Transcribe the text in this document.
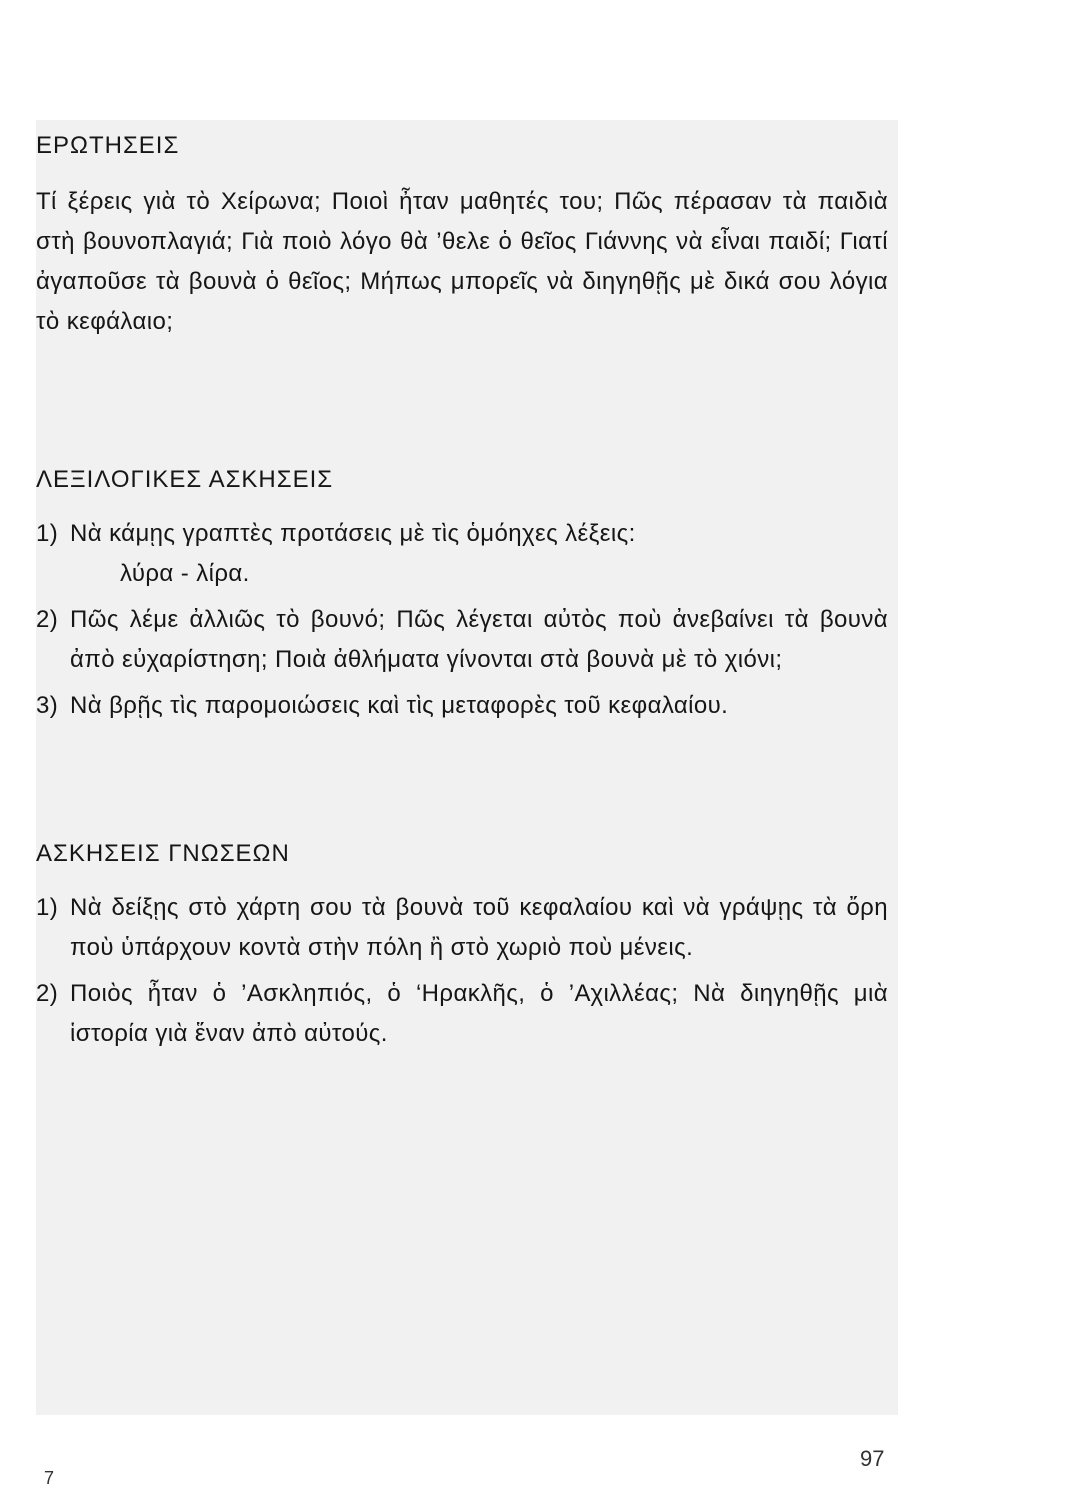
ΕΡΩΤΗΣΕΙΣ

Τί ξέρεις γιὰ τὸ Χείρωνα; Ποιοὶ ἦταν μαθητές του; Πῶς πέρασαν τὰ παιδιὰ στὴ βουνοπλαγιά; Γιὰ ποιὸ λόγο θὰ ’θελε ὁ θεῖος Γιάννης νὰ εἶναι παιδί; Γιατί ἀγαποῦσε τὰ βουνὰ ὁ θεῖος; Μήπως μπορεῖς νὰ διηγηθῇς μὲ δικά σου λόγια τὸ κεφάλαιο;

ΛΕΞΙΛΟΓΙΚΕΣ ΑΣΚΗΣΕΙΣ
1) Νὰ κάμῃς γραπτὲς προτάσεις μὲ τὶς ὁμόηχες λέξεις:
λύρα - λίρα.
2) Πῶς λέμε ἀλλιῶς τὸ βουνό; Πῶς λέγεται αὐτὸς ποὺ ἀνεβαίνει τὰ βουνὰ ἀπὸ εὐχαρίστηση; Ποιὰ ἀθλήματα γίνονται στὰ βουνὰ μὲ τὸ χιόνι;
3) Νὰ βρῇς τὶς παρομοιώσεις καὶ τὶς μεταφορὲς τοῦ κεφαλαίου.
ΑΣΚΗΣΕΙΣ ΓΝΩΣΕΩΝ
1) Νὰ δείξῃς στὸ χάρτη σου τὰ βουνὰ τοῦ κεφαλαίου καὶ νὰ γράψῃς τὰ ὄρη ποὺ ὑπάρχουν κοντὰ στὴν πόλη ἢ στὸ χωριὸ ποὺ μένεις.
2) Ποιὸς ἦταν ὁ ’Ασκληπιός, ὁ ‘Ηρακλῆς, ὁ ’Αχιλλέας; Νὰ διηγηθῇς μιὰ ἱστορία γιὰ ἕναν ἀπὸ αὐτούς.
97
7
